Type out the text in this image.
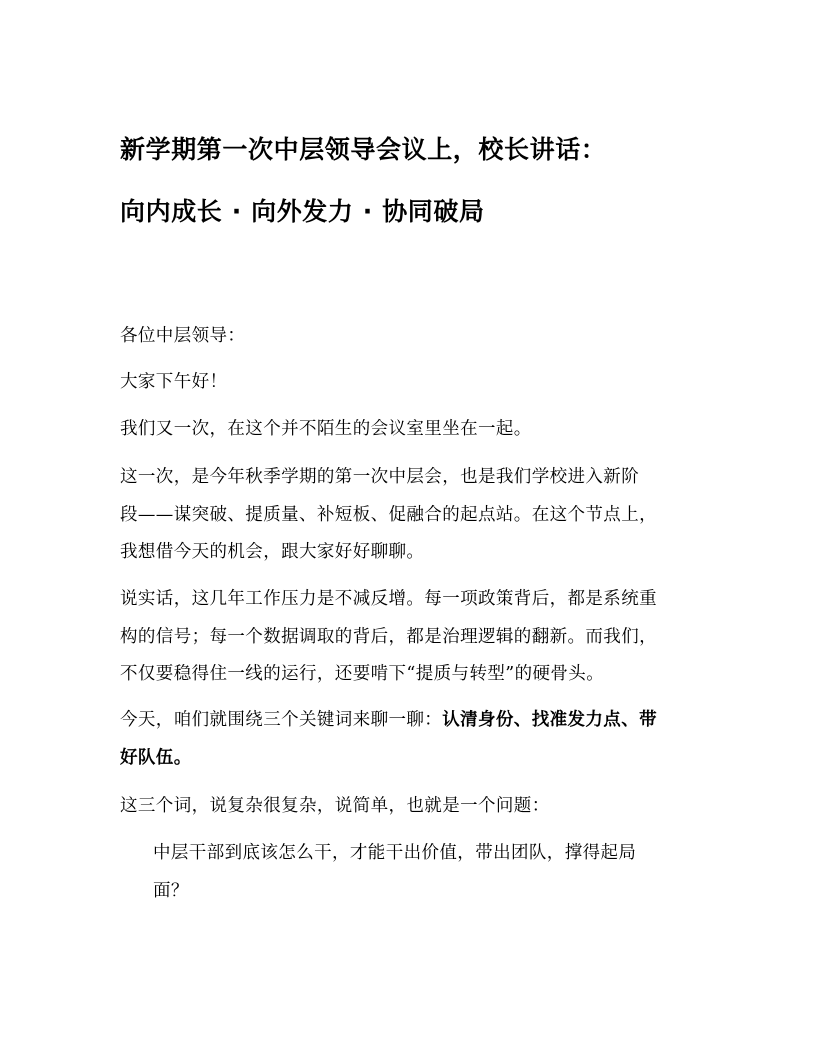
新学期第一次中层领导会议上，校长讲话：
向内成长 · 向外发力 · 协同破局
各位中层领导：
大家下午好！
我们又一次，在这个并不陌生的会议室里坐在一起。
这一次，是今年秋季学期的第一次中层会，也是我们学校进入新阶
段——谋突破、提质量、补短板、促融合的起点站。在这个节点上，
我想借今天的机会，跟大家好好聊聊。
说实话，这几年工作压力是不减反增。每一项政策背后，都是系统重
构的信号；每一个数据调取的背后，都是治理逻辑的翻新。而我们，
不仅要稳得住一线的运行，还要啃下“提质与转型”的硬骨头。
今天，咱们就围绕三个关键词来聊一聊：认清身份、找准发力点、带
好队伍。
这三个词，说复杂很复杂，说简单，也就是一个问题：
中层干部到底该怎么干，才能干出价值，带出团队，撑得起局
面？
